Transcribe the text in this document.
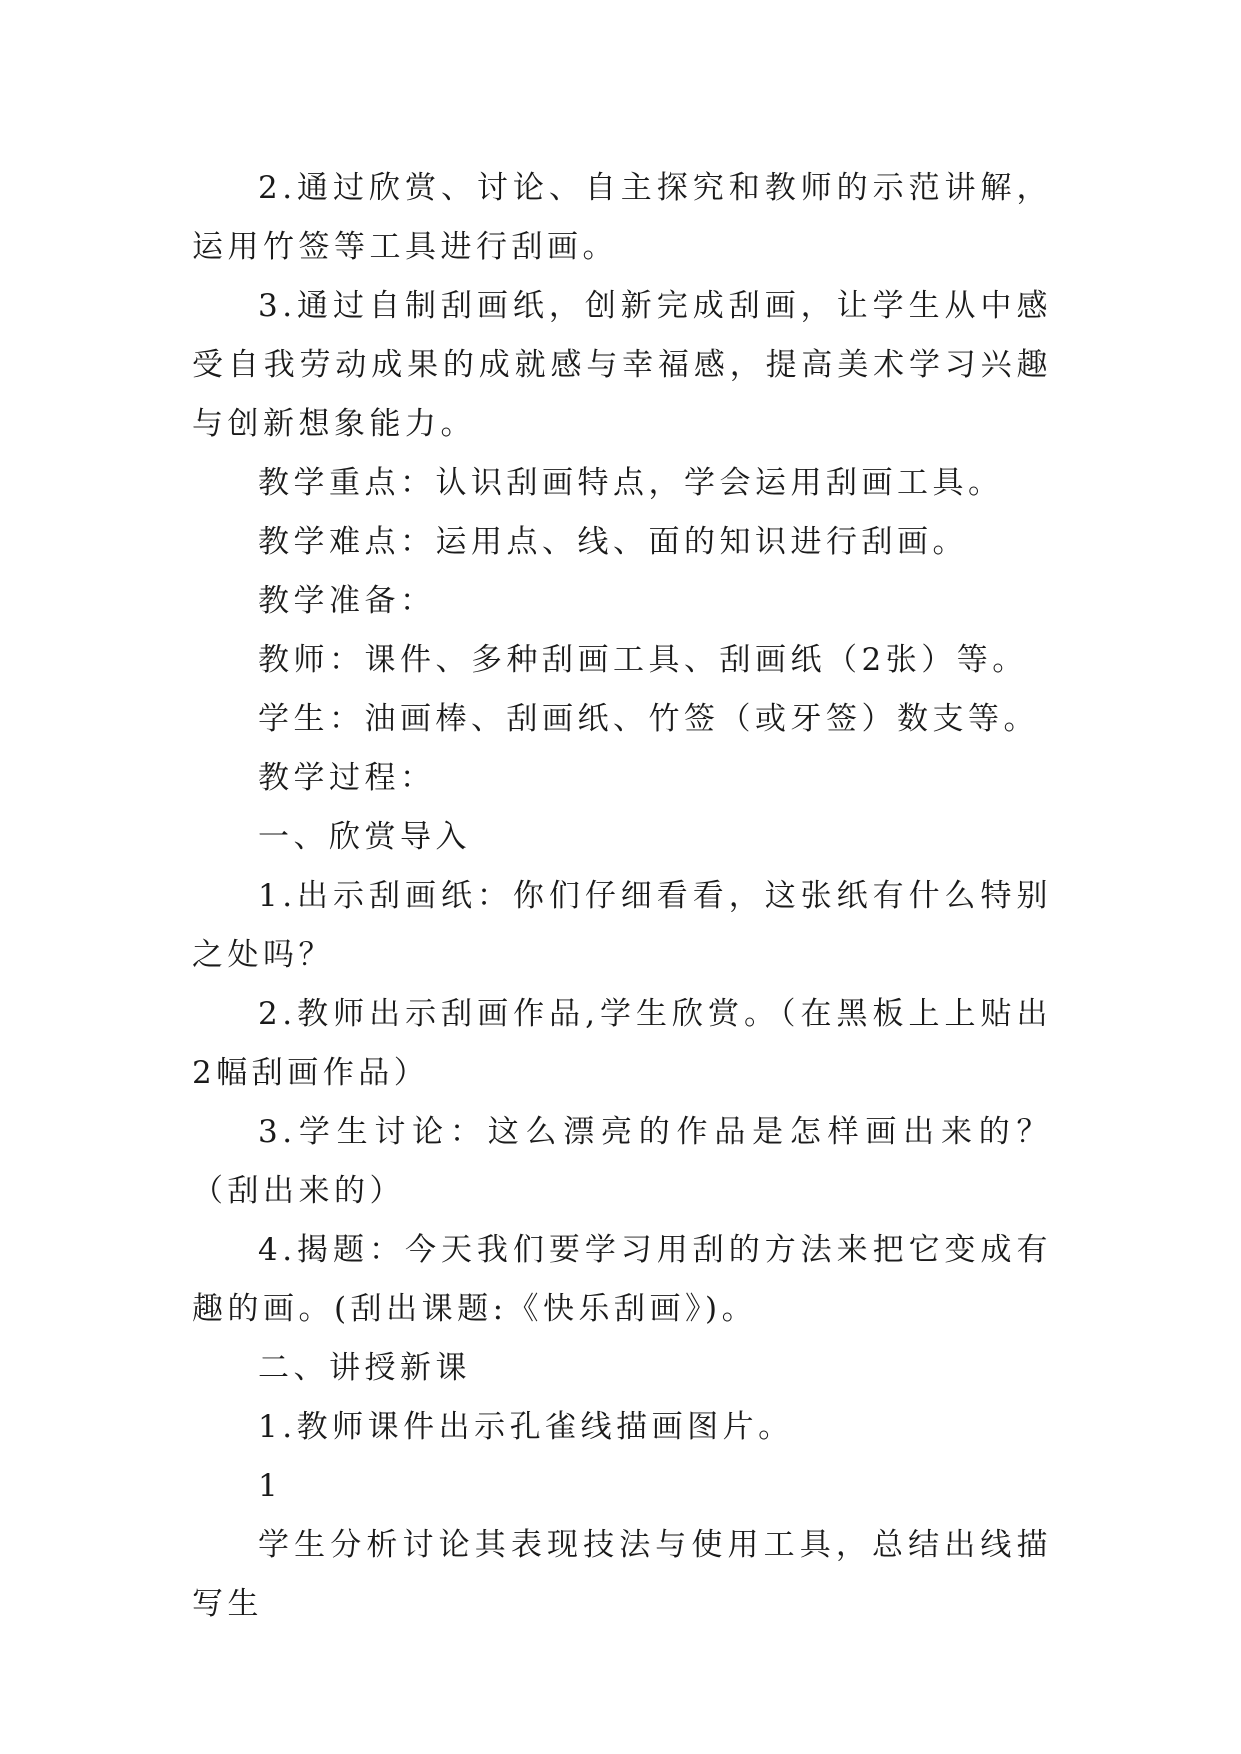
2.通过欣赏、讨论、自主探究和教师的示范讲解，运用竹签等工具进行刮画。

3.通过自制刮画纸，创新完成刮画，让学生从中感受自我劳动成果的成就感与幸福感，提高美术学习兴趣与创新想象能力。

教学重点：认识刮画特点，学会运用刮画工具。

教学难点：运用点、线、面的知识进行刮画。

教学准备：

教师：课件、多种刮画工具、刮画纸（2张）等。

学生：油画棒、刮画纸、竹签（或牙签）数支等。

教学过程：

一、欣赏导入

1.出示刮画纸：你们仔细看看，这张纸有什么特别之处吗？

2.教师出示刮画作品,学生欣赏。（在黑板上上贴出2幅刮画作品）

3.学生讨论：这么漂亮的作品是怎样画出来的？（刮出来的）

4.揭题：今天我们要学习用刮的方法来把它变成有趣的画。(刮出课题:《快乐刮画》)。

二、讲授新课

1.教师课件出示孔雀线描画图片。

1

学生分析讨论其表现技法与使用工具，总结出线描写生
